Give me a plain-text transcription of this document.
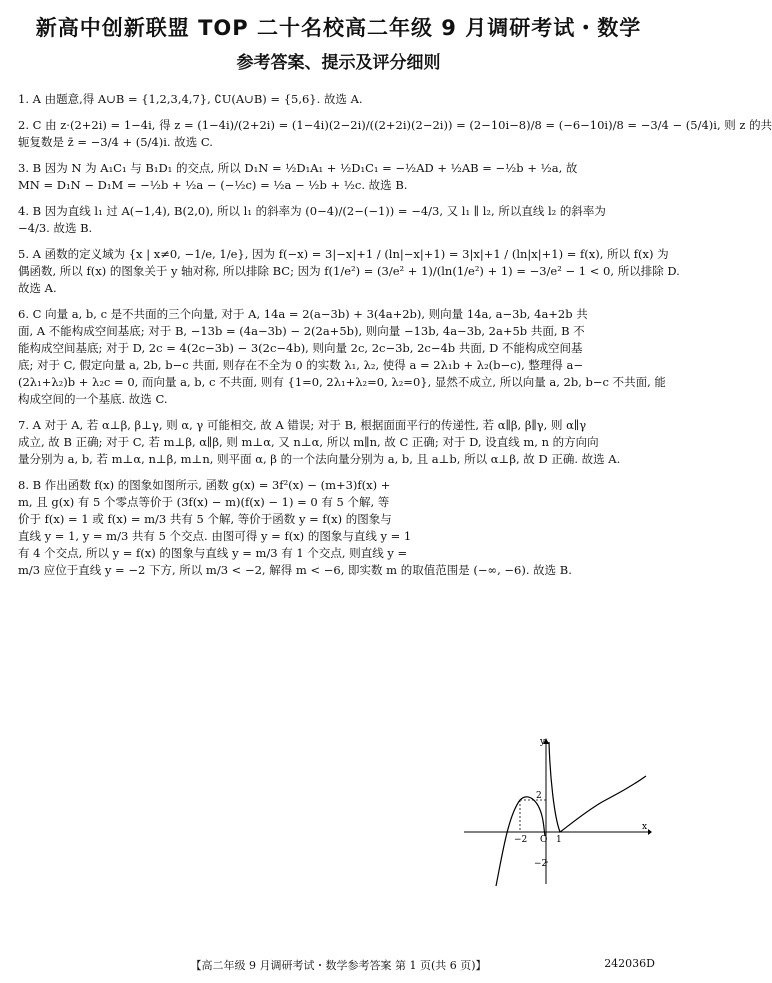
新高中创新联盟 TOP 二十名校高二年级 9 月调研考试・数学
参考答案、提示及评分细则
1. A 由题意,得 A∪B = {1,2,3,4,7}, ∁U(A∪B) = {5,6}. 故选 A.
2. C 由 z·(2+2i) = 1−4i, 得 z = (1−4i)/(2+2i) = (1−4i)(2−2i)/((2+2i)(2−2i)) = (2−10i−8)/8 = (−6−10i)/8 = −3/4 − (5/4)i, 则 z 的共
轭复数是 z̄ = −3/4 + (5/4)i. 故选 C.
3. B 因为 N 为 A₁C₁ 与 B₁D₁ 的交点, 所以 D₁N = ½D₁A₁ + ½D₁C₁ = −½AD + ½AB = −½b + ½a, 故
MN = D₁N − D₁M = −½b + ½a − (−½c) = ½a − ½b + ½c. 故选 B.
4. B 因为直线 l₁ 过 A(−1,4), B(2,0), 所以 l₁ 的斜率为 (0−4)/(2−(−1)) = −4/3, 又 l₁ ∥ l₂, 所以直线 l₂ 的斜率为
−4/3. 故选 B.
5. A 函数的定义域为 {x | x≠0, −1/e, 1/e}, 因为 f(−x) = 3|−x|+1 / (ln|−x|+1) = 3|x|+1 / (ln|x|+1) = f(x), 所以 f(x) 为
偶函数, 所以 f(x) 的图象关于 y 轴对称, 所以排除 BC; 因为 f(1/e²) = (3/e² + 1)/(ln(1/e²) + 1) = −3/e² − 1 < 0, 所以排除 D.
故选 A.
6. C 向量 a, b, c 是不共面的三个向量, 对于 A, 14a = 2(a−3b) + 3(4a+2b), 则向量 14a, a−3b, 4a+2b 共
面, A 不能构成空间基底; 对于 B, −13b = (4a−3b) − 2(2a+5b), 则向量 −13b, 4a−3b, 2a+5b 共面, B 不
能构成空间基底; 对于 D, 2c = 4(2c−3b) − 3(2c−4b), 则向量 2c, 2c−3b, 2c−4b 共面, D 不能构成空间基
底; 对于 C, 假定向量 a, 2b, b−c 共面, 则存在不全为 0 的实数 λ₁, λ₂, 使得 a = 2λ₁b + λ₂(b−c), 整理得 a−
(2λ₁+λ₂)b + λ₂c = 0, 而向量 a, b, c 不共面, 则有 {1=0, 2λ₁+λ₂=0, λ₂=0}, 显然不成立, 所以向量 a, 2b, b−c 不共面, 能
构成空间的一个基底. 故选 C.
7. A 对于 A, 若 α⊥β, β⊥γ, 则 α, γ 可能相交, 故 A 错误; 对于 B, 根据面面平行的传递性, 若 α∥β, β∥γ, 则 α∥γ
成立, 故 B 正确; 对于 C, 若 m⊥β, α∥β, 则 m⊥α, 又 n⊥α, 所以 m∥n, 故 C 正确; 对于 D, 设直线 m, n 的方向向
量分别为 a, b, 若 m⊥α, n⊥β, m⊥n, 则平面 α, β 的一个法向量分别为 a, b, 且 a⊥b, 所以 α⊥β, 故 D 正确. 故选 A.
8. B 作出函数 f(x) 的图象如图所示, 函数 g(x) = 3f²(x) − (m+3)f(x) +
m, 且 g(x) 有 5 个零点等价于 (3f(x) − m)(f(x) − 1) = 0 有 5 个解, 等
价于 f(x) = 1 或 f(x) = m/3 共有 5 个解, 等价于函数 y = f(x) 的图象与
直线 y = 1, y = m/3 共有 5 个交点. 由图可得 y = f(x) 的图象与直线 y = 1
有 4 个交点, 所以 y = f(x) 的图象与直线 y = m/3 有 1 个交点, 则直线 y =
m/3 应位于直线 y = −2 下方, 所以 m/3 < −2, 解得 m < −6, 即实数 m 的取值范围是 (−∞, −6). 故选 B.
y
x
2
−2
O 1
−2
【高二年级 9 月调研考试・数学参考答案 第 1 页(共 6 页)】	242036D
